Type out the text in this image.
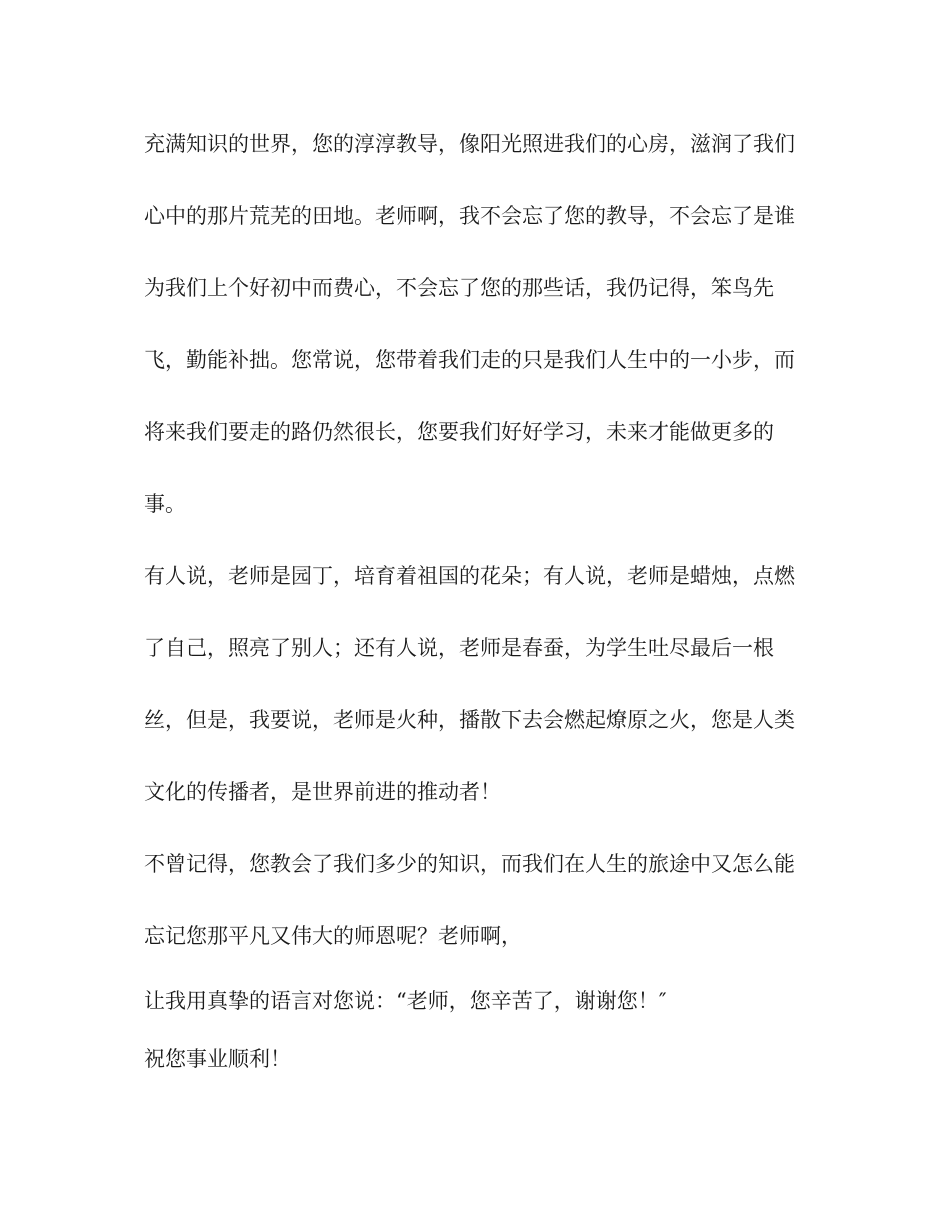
充满知识的世界，您的淳淳教导，像阳光照进我们的心房，滋润了我们心中的那片荒芜的田地。老师啊，我不会忘了您的教导，不会忘了是谁为我们上个好初中而费心，不会忘了您的那些话，我仍记得，笨鸟先飞，勤能补拙。您常说，您带着我们走的只是我们人生中的一小步，而将来我们要走的路仍然很长，您要我们好好学习，未来才能做更多的事。

有人说，老师是园丁，培育着祖国的花朵；有人说，老师是蜡烛，点燃了自己，照亮了别人；还有人说，老师是春蚕，为学生吐尽最后一根丝，但是，我要说，老师是火种，播散下去会燃起燎原之火，您是人类文化的传播者，是世界前进的推动者！

不曾记得，您教会了我们多少的知识，而我们在人生的旅途中又怎么能忘记您那平凡又伟大的师恩呢？老师啊，

让我用真挚的语言对您说：“老师，您辛苦了，谢谢您！″

祝您事业顺利！
